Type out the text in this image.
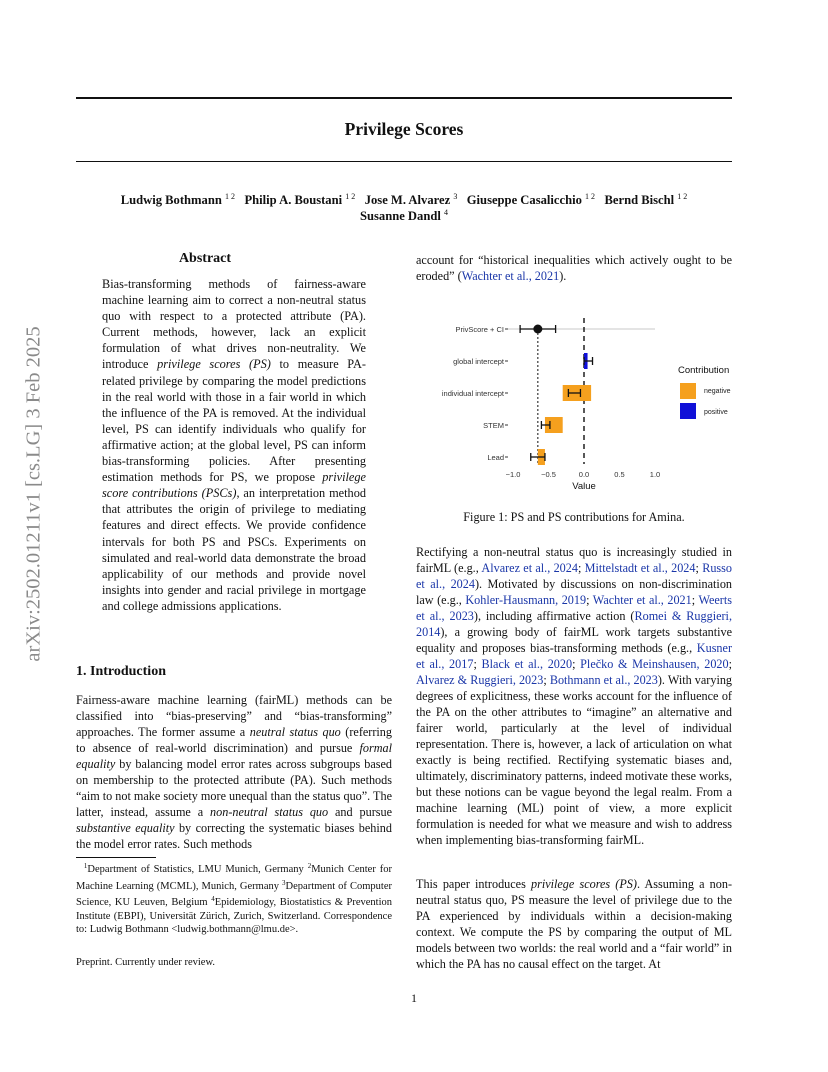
Privilege Scores
Ludwig Bothmann $^{1 2}$ Philip A. Boustani $^{1 2}$ Jose M. Alvarez $^3$ Giuseppe Casalicchio $^{1 2}$ Bernd Bischl $^{1 2}$
Susanne Dandl $^4$
arXiv:2502.01211v1 [cs.LG] 3 Feb 2025
Abstract

Bias-transforming methods of fairness-aware machine learning aim to correct a non-neutral status quo with respect to a protected attribute (PA). Current methods, however, lack an explicit formulation of what drives non-neutrality. We introduce privilege scores (PS) to measure PA-related privilege by comparing the model predictions in the real world with those in a fair world in which the influence of the PA is removed. At the individual level, PS can identify individuals who qualify for affirmative action; at the global level, PS can inform bias-transforming policies. After presenting estimation methods for PS, we propose privilege score contributions (PSCs), an interpretation method that attributes the origin of privilege to mediating features and direct effects. We provide confidence intervals for both PS and PSCs. Experiments on simulated and real-world data demonstrate the broad applicability of our methods and provide novel insights into gender and racial privilege in mortgage and college admissions applications.

1. Introduction

Fairness-aware machine learning (fairML) methods can be classified into “bias-preserving” and “bias-transforming” approaches. The former assume a neutral status quo (referring to absence of real-world discrimination) and pursue formal equality by balancing model error rates across subgroups based on membership to the protected attribute (PA). Such methods “aim to not make society more unequal than the status quo”. The latter, instead, assume a non-neutral status quo and pursue substantive equality by correcting the systematic biases behind the model error rates. Such methods

$^1$Department of Statistics, LMU Munich, Germany $^2$Munich Center for Machine Learning (MCML), Munich, Germany $^3$Department of Computer Science, KU Leuven, Belgium $^4$Epidemiology, Biostatistics & Prevention Institute (EBPI), Universität Zürich, Zurich, Switzerland. Correspondence to: Ludwig Bothmann <ludwig.bothmann@lmu.de>.

Preprint. Currently under review.

account for “historical inequalities which actively ought to be eroded” (Wachter et al., 2021).

PrivScore + CI
global intercept
individual intercept
STEM
Lead
−1.0	−0.5	0.0	0.5	1.0
Value
Contribution
negative
positive

Figure 1: PS and PS contributions for Amina.

Rectifying a non-neutral status quo is increasingly studied in fairML (e.g., Alvarez et al., 2024; Mittelstadt et al., 2024; Russo et al., 2024). Motivated by discussions on non-discrimination law (e.g., Kohler-Hausmann, 2019; Wachter et al., 2021; Weerts et al., 2023), including affirmative action (Romei & Ruggieri, 2014), a growing body of fairML work targets substantive equality and proposes bias-transforming methods (e.g., Kusner et al., 2017; Black et al., 2020; Plečko & Meinshausen, 2020; Alvarez & Ruggieri, 2023; Bothmann et al., 2023). With varying degrees of explicitness, these works account for the influence of the PA on the other attributes to “imagine” an alternative and fairer world, particularly at the level of individual representation. There is, however, a lack of articulation on what exactly is being rectified. Rectifying systematic biases and, ultimately, discriminatory patterns, indeed motivate these works, but these notions can be vague beyond the legal realm. From a machine learning (ML) point of view, a more explicit formulation is needed for what we measure and wish to address when implementing bias-transforming fairML.

This paper introduces privilege scores (PS). Assuming a non-neutral status quo, PS measure the level of privilege due to the PA experienced by individuals within a decision-making context. We compute the PS by comparing the output of ML models between two worlds: the real world and a “fair world” in which the PA has no causal effect on the target. At

1
